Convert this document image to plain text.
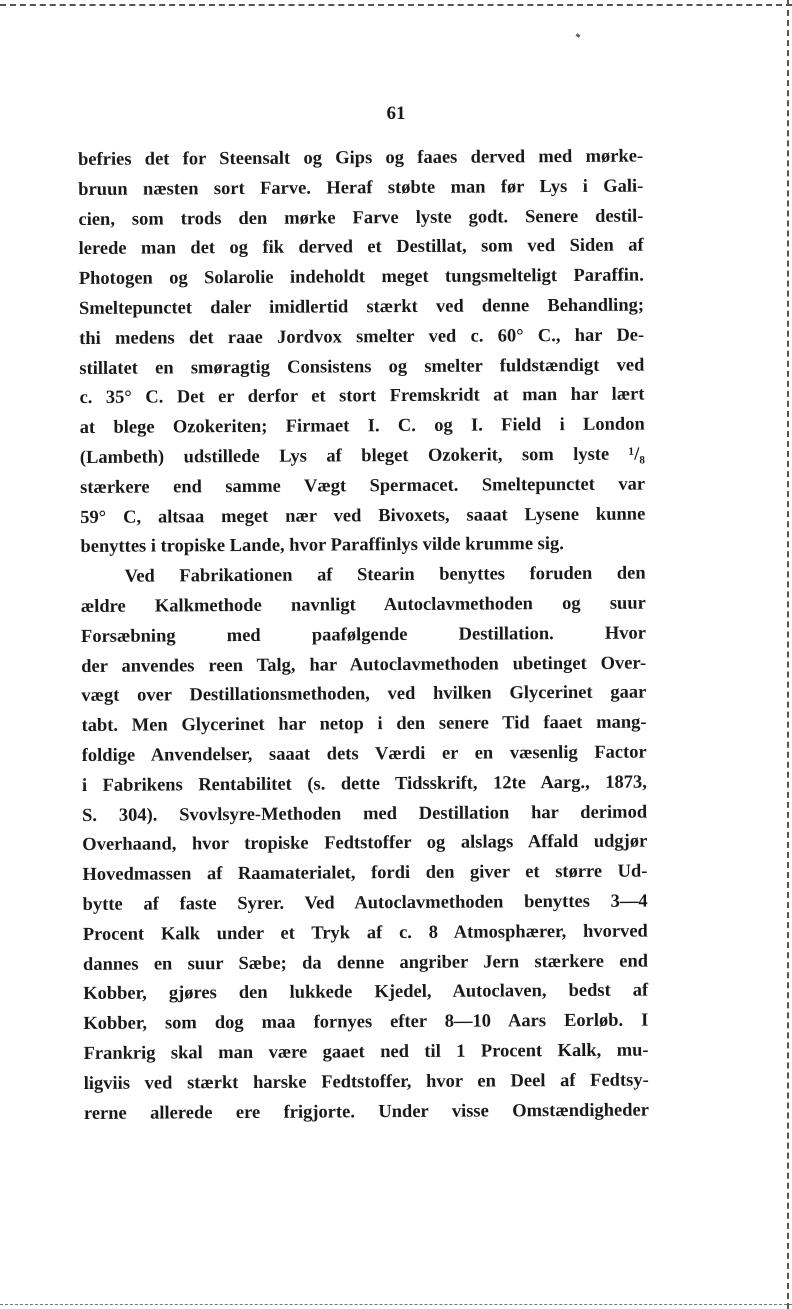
61
befries det for Steensalt og Gips og faaes derved med mørke-
bruun næsten sort Farve. Heraf støbte man før Lys i Gali-
cien, som trods den mørke Farve lyste godt. Senere destil-
lerede man det og fik derved et Destillat, som ved Siden af
Photogen og Solarolie indeholdt meget tungsmelteligt Paraffin.
Smeltepunctet daler imidlertid stærkt ved denne Behandling;
thi medens det raae Jordvox smelter ved c. 60° C., har De-
stillatet en smøragtig Consistens og smelter fuldstændigt ved
c. 35° C. Det er derfor et stort Fremskridt at man har lært
at blege Ozokeriten; Firmaet I. C. og I. Field i London
(Lambeth) udstillede Lys af bleget Ozokerit, som lyste ¹/₈
stærkere end samme Vægt Spermacet. Smeltepunctet var
59° C, altsaa meget nær ved Bivoxets, saaat Lysene kunne
benyttes i tropiske Lande, hvor Paraffinlys vilde krumme sig.
Ved Fabrikationen af Stearin benyttes foruden den
ældre Kalkmethode navnligt Autoclavmethoden og suur
Forsæbning med paafølgende Destillation. Hvor
der anvendes reen Talg, har Autoclavmethoden ubetinget Over-
vægt over Destillationsmethoden, ved hvilken Glycerinet gaar
tabt. Men Glycerinet har netop i den senere Tid faaet mang-
foldige Anvendelser, saaat dets Værdi er en væsenlig Factor
i Fabrikens Rentabilitet (s. dette Tidsskrift, 12te Aarg., 1873,
S. 304). Svovlsyre-Methoden med Destillation har derimod
Overhaand, hvor tropiske Fedtstoffer og alslags Affald udgjør
Hovedmassen af Raamaterialet, fordi den giver et større Ud-
bytte af faste Syrer. Ved Autoclavmethoden benyttes 3—4
Procent Kalk under et Tryk af c. 8 Atmosphærer, hvorved
dannes en suur Sæbe; da denne angriber Jern stærkere end
Kobber, gjøres den lukkede Kjedel, Autoclaven, bedst af
Kobber, som dog maa fornyes efter 8—10 Aars Eorløb. I
Frankrig skal man være gaaet ned til 1 Procent Kalk, mu-
ligviis ved stærkt harske Fedtstoffer, hvor en Deel af Fedtsy-
rerne allerede ere frigjorte. Under visse Omstændigheder
